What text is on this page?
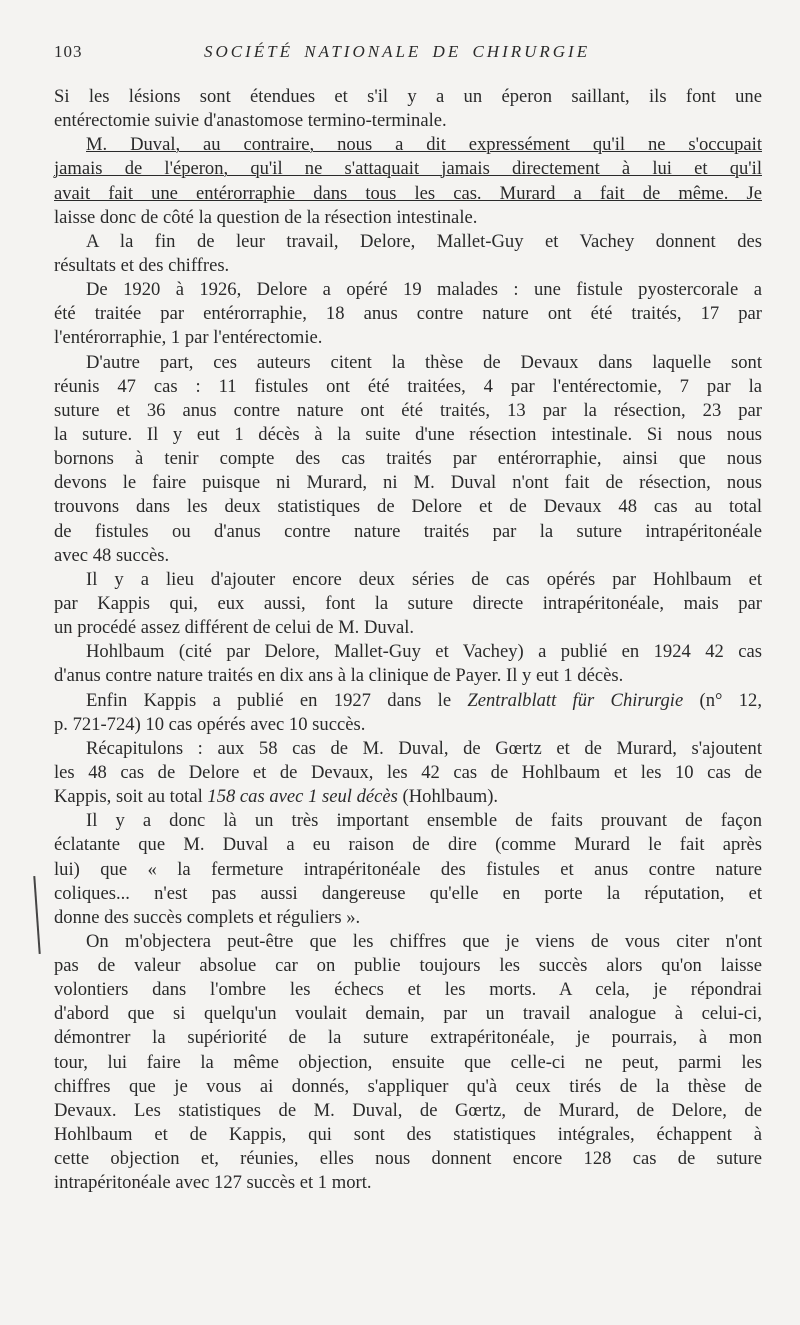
103	SOCIÉTÉ NATIONALE DE CHIRURGIE
Si les lésions sont étendues et s'il y a un éperon saillant, ils font une
entérectomie suivie d'anastomose termino-terminale.
M. Duval, au contraire, nous a dit expressément qu'il ne s'occupait
jamais de l'éperon, qu'il ne s'attaquait jamais directement à lui et qu'il
avait fait une entérorraphie dans tous les cas. Murard a fait de même. Je
laisse donc de côté la question de la résection intestinale.
A la fin de leur travail, Delore, Mallet-Guy et Vachey donnent des
résultats et des chiffres.
De 1920 à 1926, Delore a opéré 19 malades : une fistule pyostercorale a
été traitée par entérorraphie, 18 anus contre nature ont été traités, 17 par
l'entérorraphie, 1 par l'entérectomie.
D'autre part, ces auteurs citent la thèse de Devaux dans laquelle sont
réunis 47 cas : 11 fistules ont été traitées, 4 par l'entérectomie, 7 par la
suture et 36 anus contre nature ont été traités, 13 par la résection, 23 par
la suture. Il y eut 1 décès à la suite d'une résection intestinale. Si nous nous
bornons à tenir compte des cas traités par entérorraphie, ainsi que nous
devons le faire puisque ni Murard, ni M. Duval n'ont fait de résection, nous
trouvons dans les deux statistiques de Delore et de Devaux 48 cas au total
de fistules ou d'anus contre nature traités par la suture intrapéritonéale
avec 48 succès.
Il y a lieu d'ajouter encore deux séries de cas opérés par Hohlbaum et
par Kappis qui, eux aussi, font la suture directe intrapéritonéale, mais par
un procédé assez différent de celui de M. Duval.
Hohlbaum (cité par Delore, Mallet-Guy et Vachey) a publié en 1924 42 cas
d'anus contre nature traités en dix ans à la clinique de Payer. Il y eut 1 décès.
Enfin Kappis a publié en 1927 dans le Zentralblatt für Chirurgie (n° 12,
p. 721-724) 10 cas opérés avec 10 succès.
Récapitulons : aux 58 cas de M. Duval, de Gœrtz et de Murard, s'ajoutent
les 48 cas de Delore et de Devaux, les 42 cas de Hohlbaum et les 10 cas de
Kappis, soit au total 158 cas avec 1 seul décès (Hohlbaum).
Il y a donc là un très important ensemble de faits prouvant de façon
éclatante que M. Duval a eu raison de dire (comme Murard le fait après
lui) que « la fermeture intrapéritonéale des fistules et anus contre nature
coliques... n'est pas aussi dangereuse qu'elle en porte la réputation, et
donne des succès complets et réguliers ».
On m'objectera peut-être que les chiffres que je viens de vous citer n'ont
pas de valeur absolue car on publie toujours les succès alors qu'on laisse
volontiers dans l'ombre les échecs et les morts. A cela, je répondrai
d'abord que si quelqu'un voulait demain, par un travail analogue à celui-ci,
démontrer la supériorité de la suture extrapéritonéale, je pourrais, à mon
tour, lui faire la même objection, ensuite que celle-ci ne peut, parmi les
chiffres que je vous ai donnés, s'appliquer qu'à ceux tirés de la thèse de
Devaux. Les statistiques de M. Duval, de Gœrtz, de Murard, de Delore, de
Hohlbaum et de Kappis, qui sont des statistiques intégrales, échappent à
cette objection et, réunies, elles nous donnent encore 128 cas de suture
intrapéritonéale avec 127 succès et 1 mort.
